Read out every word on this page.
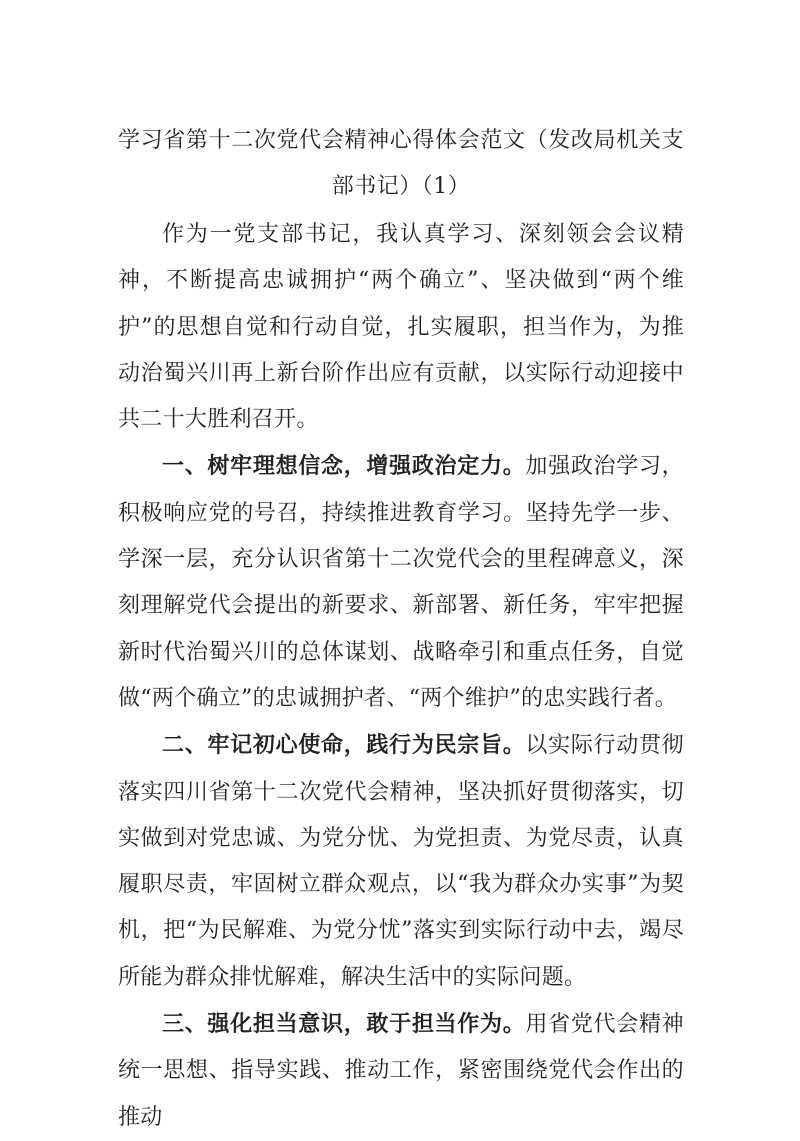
学习省第十二次党代会精神心得体会范文（发改局机关支部书记）（1）

作为一党支部书记，我认真学习、深刻领会会议精神，不断提高忠诚拥护“两个确立”、坚决做到“两个维护”的思想自觉和行动自觉，扎实履职，担当作为，为推动治蜀兴川再上新台阶作出应有贡献，以实际行动迎接中共二十大胜利召开。

一、树牢理想信念，增强政治定力。加强政治学习，积极响应党的号召，持续推进教育学习。坚持先学一步、学深一层，充分认识省第十二次党代会的里程碑意义，深刻理解党代会提出的新要求、新部署、新任务，牢牢把握新时代治蜀兴川的总体谋划、战略牵引和重点任务，自觉做“两个确立”的忠诚拥护者、“两个维护”的忠实践行者。

二、牢记初心使命，践行为民宗旨。以实际行动贯彻落实四川省第十二次党代会精神，坚决抓好贯彻落实，切实做到对党忠诚、为党分忧、为党担责、为党尽责，认真履职尽责，牢固树立群众观点，以“我为群众办实事”为契机，把“为民解难、为党分忧”落实到实际行动中去，竭尽所能为群众排忧解难，解决生活中的实际问题。

三、强化担当意识，敢于担当作为。用省党代会精神统一思想、指导实践、推动工作，紧密围绕党代会作出的推动
